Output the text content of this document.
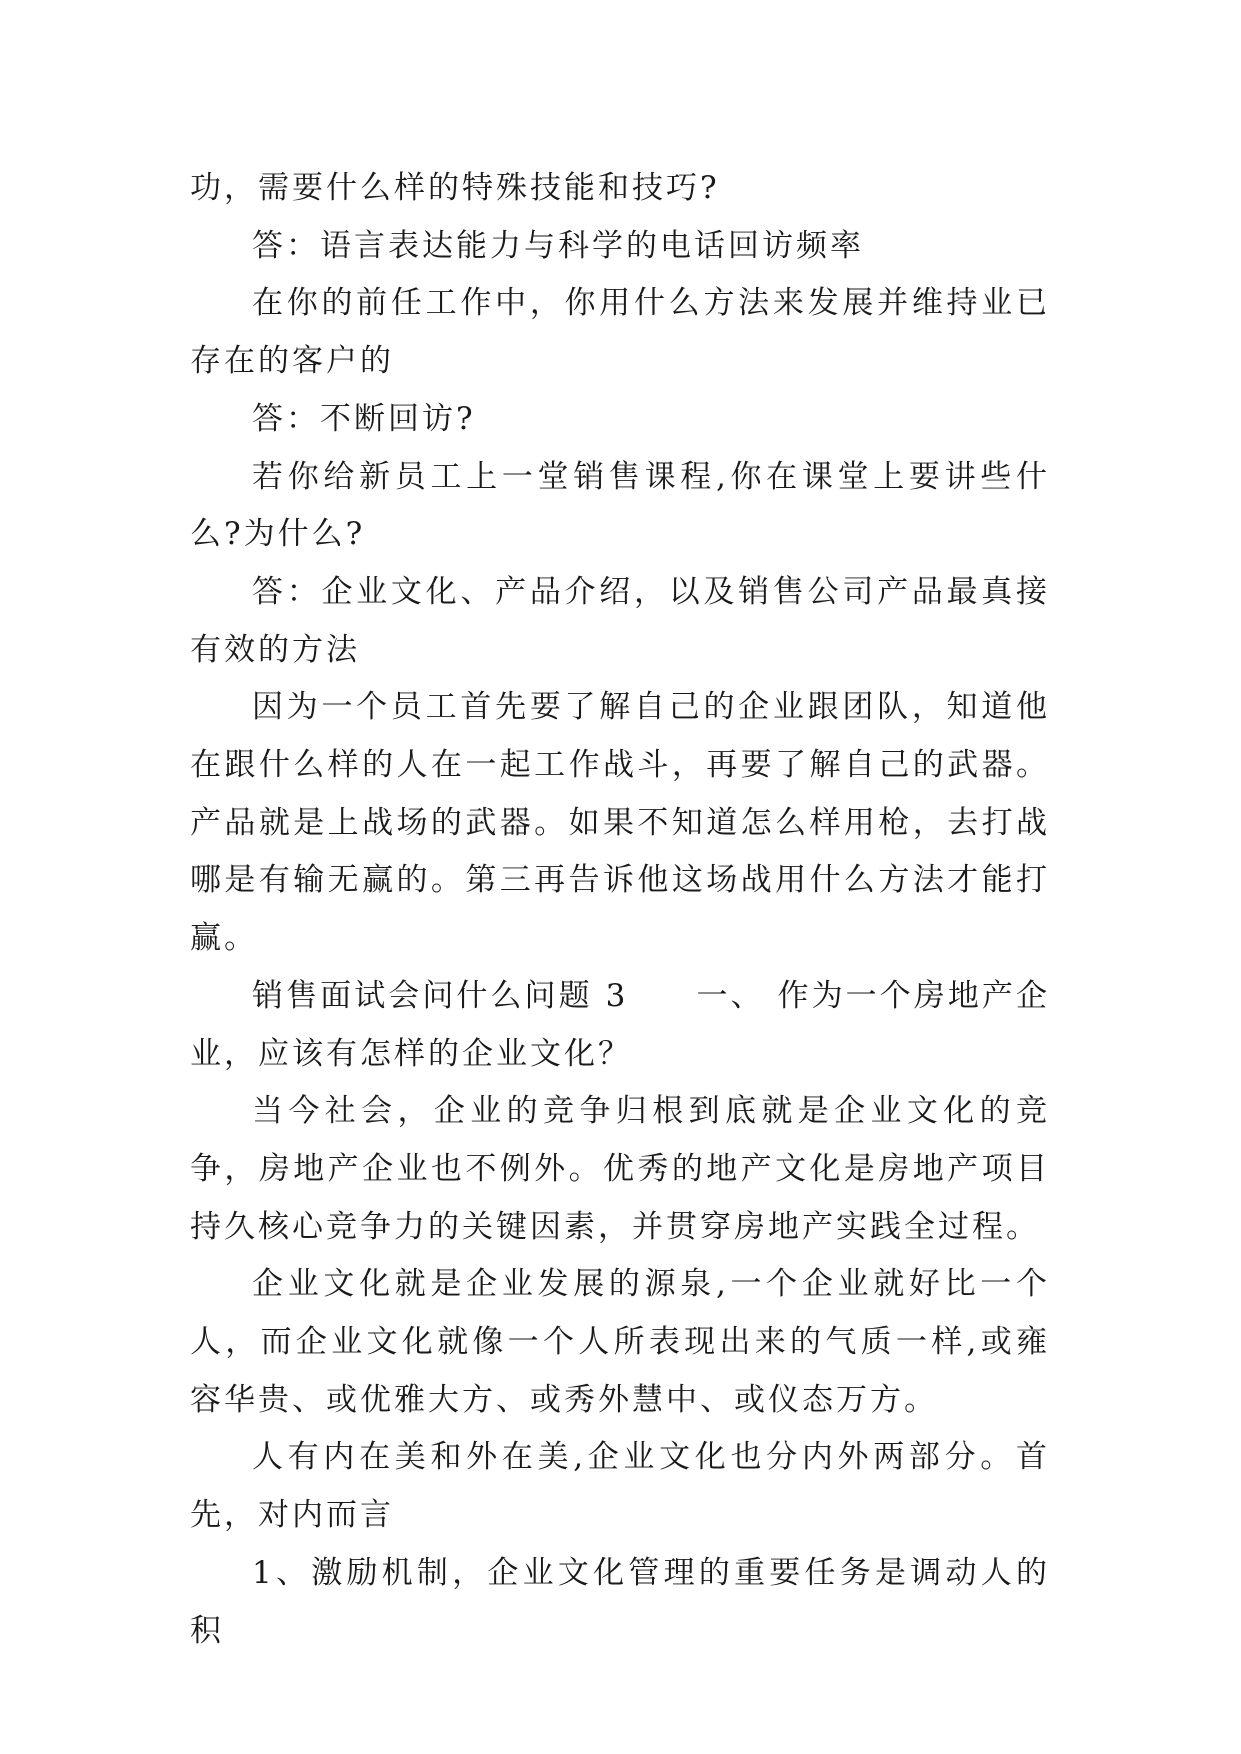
功，需要什么样的特殊技能和技巧?

答：语言表达能力与科学的电话回访频率

在你的前任工作中，你用什么方法来发展并维持业已存在的客户的

答：不断回访?

若你给新员工上一堂销售课程,你在课堂上要讲些什么?为什么?

答：企业文化、产品介绍，以及销售公司产品最真接有效的方法

因为一个员工首先要了解自己的企业跟团队，知道他在跟什么样的人在一起工作战斗，再要了解自己的武器。产品就是上战场的武器。如果不知道怎么样用枪，去打战哪是有输无赢的。第三再告诉他这场战用什么方法才能打赢。

销售面试会问什么问题 3　　一、 作为一个房地产企业，应该有怎样的企业文化？

当今社会，企业的竞争归根到底就是企业文化的竞争，房地产企业也不例外。优秀的地产文化是房地产项目持久核心竞争力的关键因素，并贯穿房地产实践全过程。

企业文化就是企业发展的源泉,一个企业就好比一个人，而企业文化就像一个人所表现出来的气质一样,或雍容华贵、或优雅大方、或秀外慧中、或仪态万方。

人有内在美和外在美,企业文化也分内外两部分。首先，对内而言

1、激励机制，企业文化管理的重要任务是调动人的积
